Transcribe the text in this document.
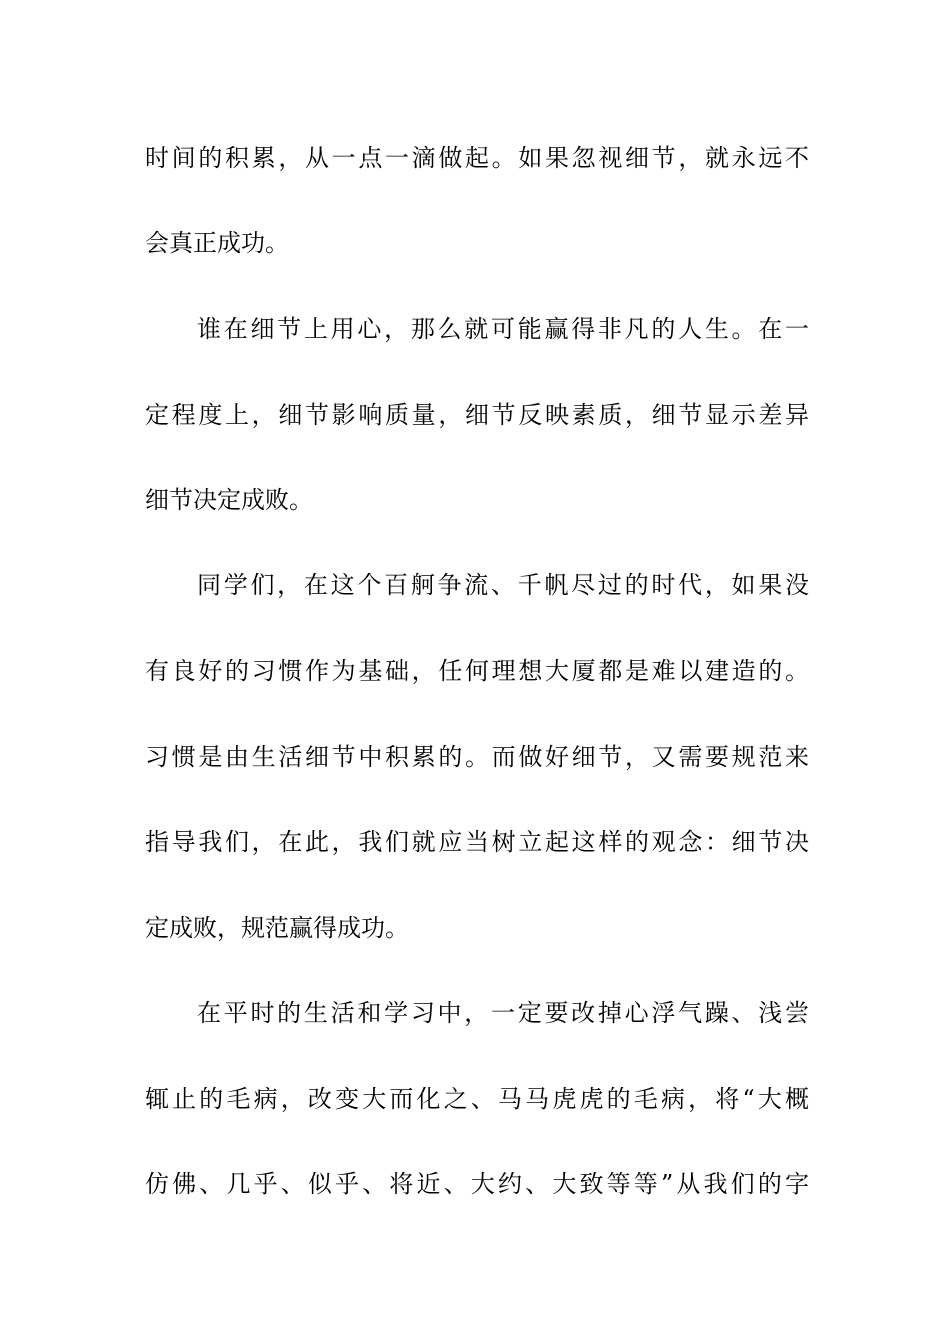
时间的积累，从一点一滴做起。如果忽视细节，就永远不
会真正成功。
谁在细节上用心，那么就可能赢得非凡的人生。在一
定程度上，细节影响质量，细节反映素质，细节显示差异
细节决定成败。
同学们，在这个百舸争流、千帆尽过的时代，如果没
有良好的习惯作为基础，任何理想大厦都是难以建造的。
习惯是由生活细节中积累的。而做好细节，又需要规范来
指导我们，在此，我们就应当树立起这样的观念：细节决
定成败，规范赢得成功。
在平时的生活和学习中，一定要改掉心浮气躁、浅尝
辄止的毛病，改变大而化之、马马虎虎的毛病，将“大概
仿佛、几乎、似乎、将近、大约、大致等等”从我们的字
